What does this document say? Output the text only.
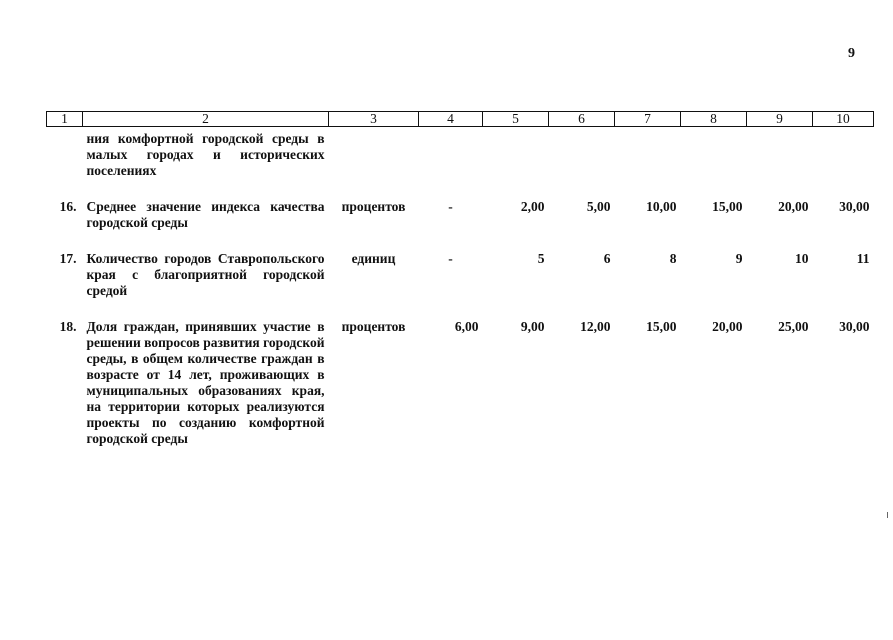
9
1	2	3	4	5	6	7	8	9	10
	ния комфортной городской среды в малых городах и исторических поселениях								

16.	Среднее значение индекса качества городской среды	процентов	-	2,00	5,00	10,00	15,00	20,00	30,00

17.	Количество городов Ставропольского края с благоприятной городской средой	единиц	-	5	6	8	9	10	11

18.	Доля граждан, принявших участие в решении вопросов развития городской среды, в общем количестве граждан в возрасте от 14 лет, проживающих в муниципальных образованиях края, на территории которых реализуются проекты по созданию комфортной городской среды	процентов	6,00	9,00	12,00	15,00	20,00	25,00	30,00
